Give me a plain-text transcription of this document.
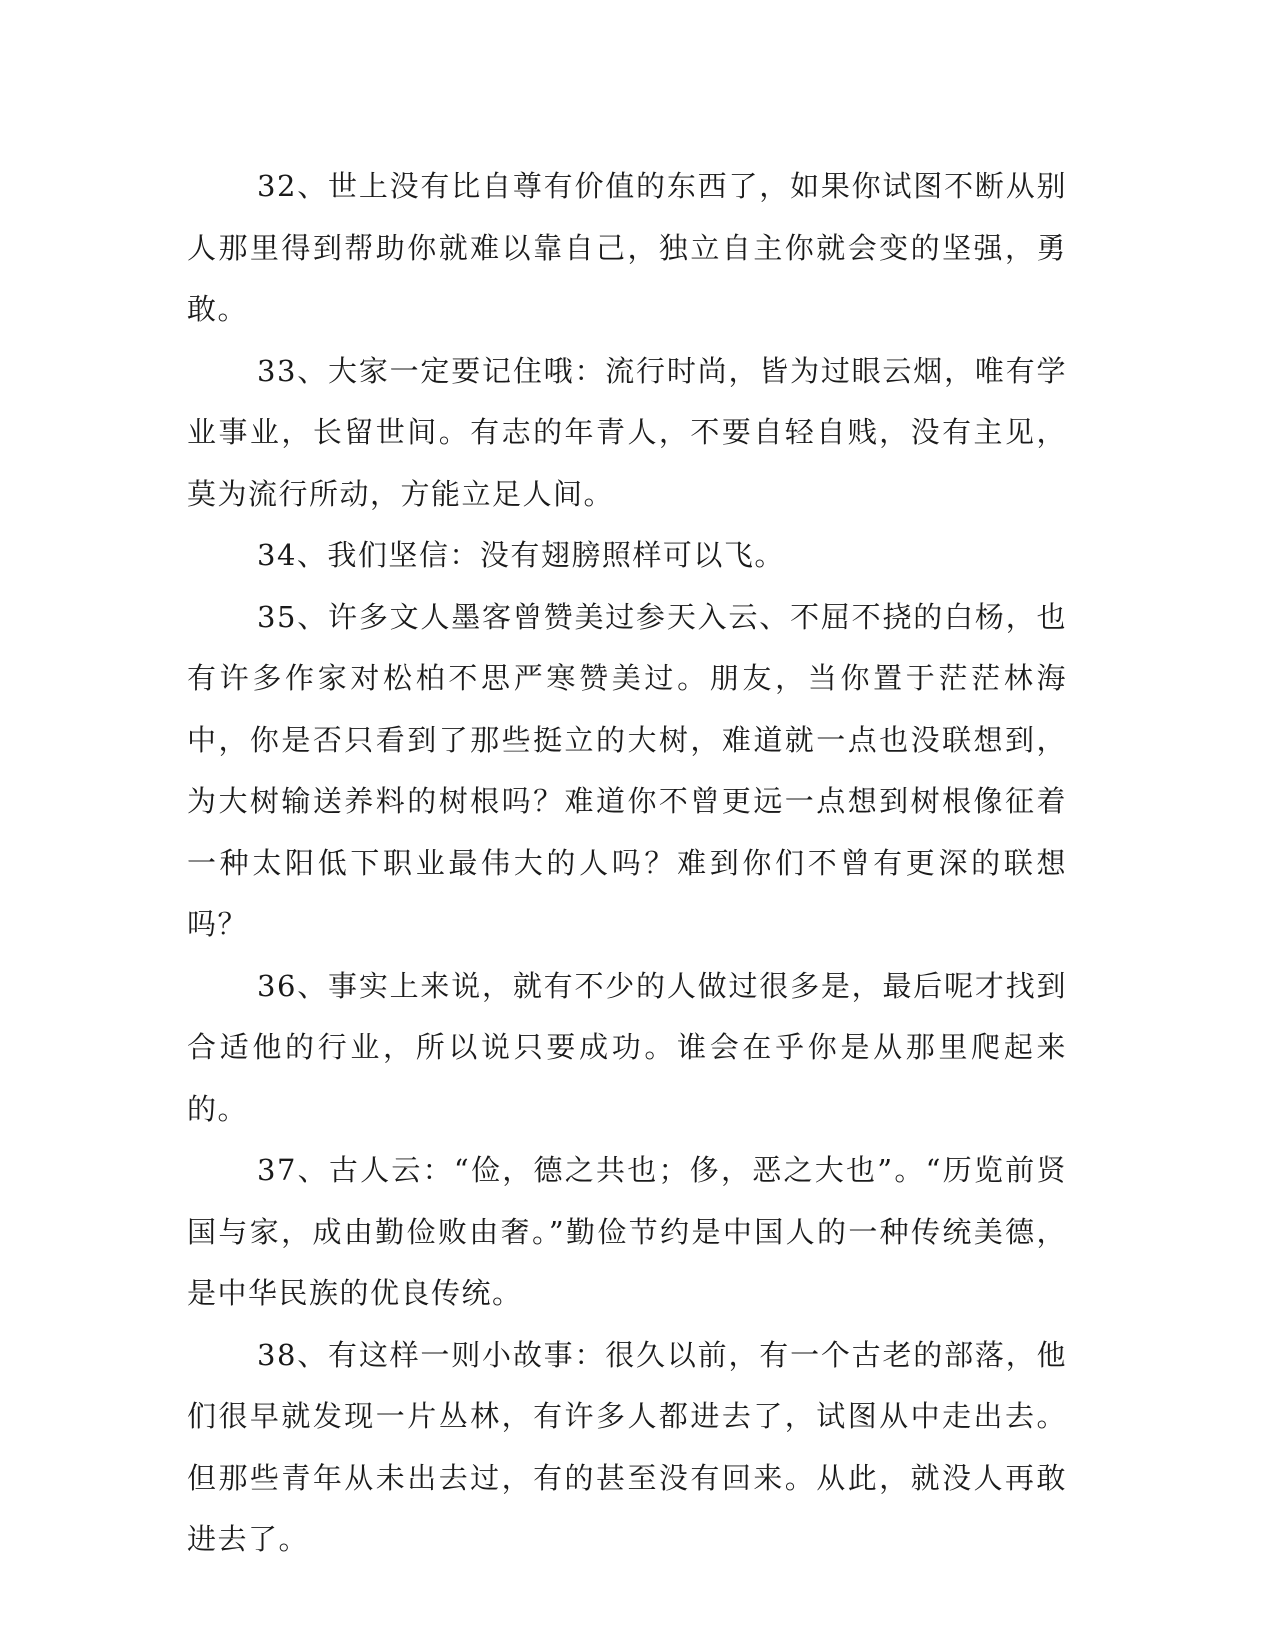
32、世上没有比自尊有价值的东西了，如果你试图不断从别人那里得到帮助你就难以靠自己，独立自主你就会变的坚强，勇敢。

33、大家一定要记住哦：流行时尚，皆为过眼云烟，唯有学业事业，长留世间。有志的年青人，不要自轻自贱，没有主见，莫为流行所动，方能立足人间。

34、我们坚信：没有翅膀照样可以飞。

35、许多文人墨客曾赞美过参天入云、不屈不挠的白杨，也有许多作家对松柏不思严寒赞美过。朋友，当你置于茫茫林海中，你是否只看到了那些挺立的大树，难道就一点也没联想到，为大树输送养料的树根吗？难道你不曾更远一点想到树根像征着一种太阳低下职业最伟大的人吗？难到你们不曾有更深的联想吗？

36、事实上来说，就有不少的人做过很多是，最后呢才找到合适他的行业，所以说只要成功。谁会在乎你是从那里爬起来的。

37、古人云：“俭，德之共也；侈，恶之大也”。“历览前贤国与家，成由勤俭败由奢。”勤俭节约是中国人的一种传统美德，是中华民族的优良传统。

38、有这样一则小故事：很久以前，有一个古老的部落，他们很早就发现一片丛林，有许多人都进去了，试图从中走出去。但那些青年从未出去过，有的甚至没有回来。从此，就没人再敢进去了。
